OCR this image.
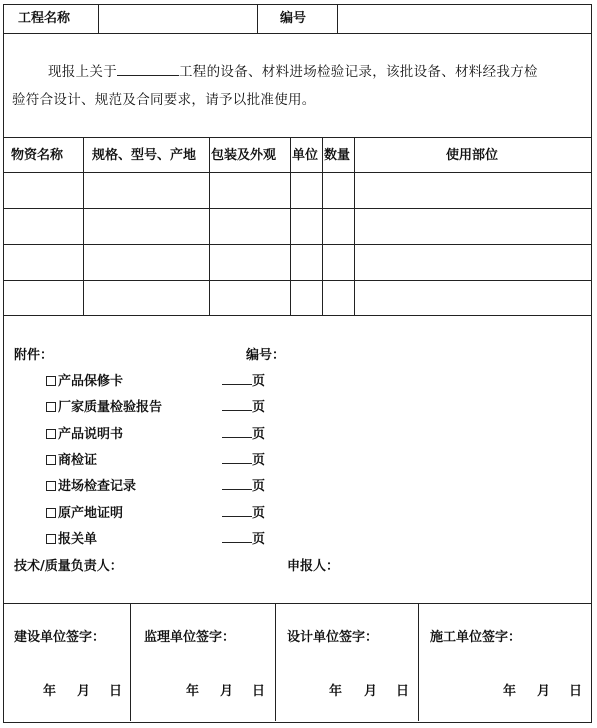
工程名称	编号
现报上关于	工程的设备、材料进场检验记录，该批设备、材料经我方检
验符合设计、规范及合同要求，请予以批准使用。
物资名称 规格、型号、产地 包装及外观 单位 数量	使用部位
附件：	编号：
产品保修卡	页
厂家质量检验报告	页
产品说明书	页
商检证	页
进场检查记录	页
原产地证明	页
报关单	页
技术/质量负责人：	申报人：
建设单位签字：	监理单位签字：	设计单位签字：	施工单位签字：
年 月 日	年 月 日	年 月 日	年 月 日
